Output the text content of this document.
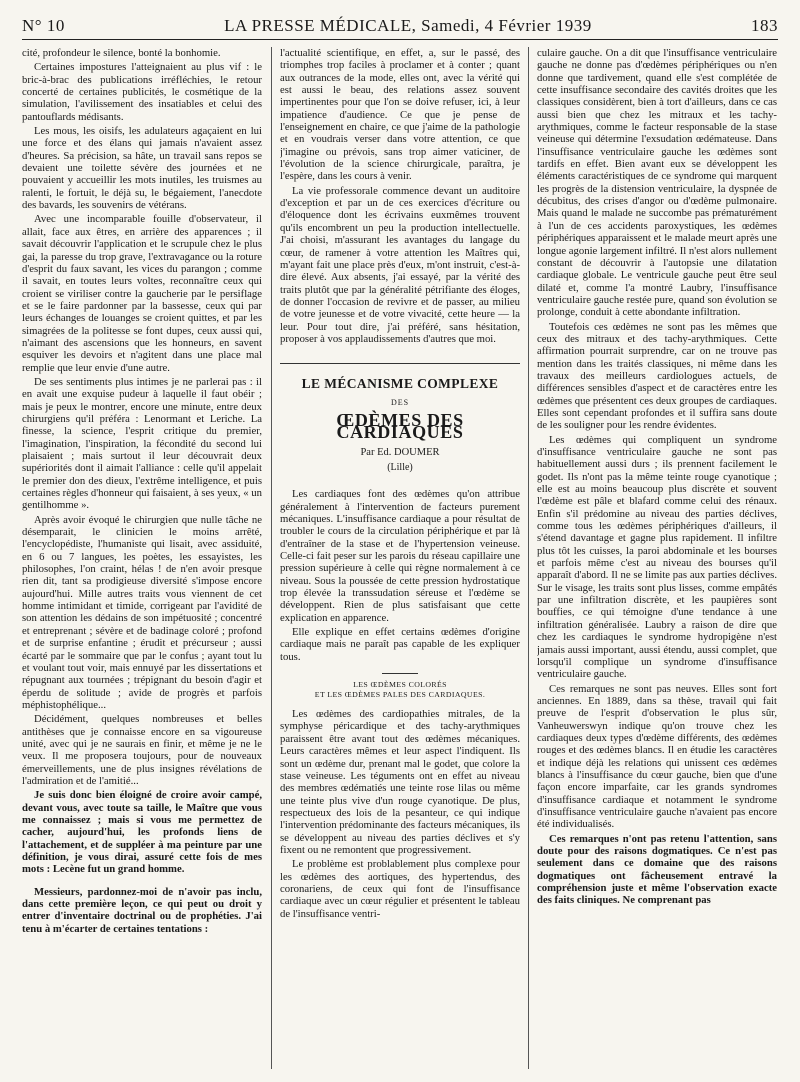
N° 10	LA PRESSE MÉDICALE, Samedi, 4 Février 1939	183

cité, profondeur le silence, bonté la bonhomie.

Certaines impostures l'atteignaient au plus vif : le bric-à-brac des publications irréfléchies, le retour concerté de certaines publicités, le cosmétique de la simulation, l'avilissement des insatiables et celui des pantouflards médisants.

Les mous, les oisifs, les adulateurs agaçaient en lui une force et des élans qui jamais n'avaient assez d'heures. Sa précision, sa hâte, un travail sans repos se devaient une toilette sévère des journées et ne pouvaient y accueillir les mots inutiles, les truismes au ralenti, le fortuit, le déjà su, le bégaiement, l'anecdote des bavards, les souvenirs de vétérans.

Avec une incomparable fouille d'observateur, il allait, face aux êtres, en arrière des apparences ; il savait découvrir l'application et le scrupule chez le plus gai, la paresse du trop grave, l'extravagance ou la roture d'esprit du faux savant, les vices du parangon ; comme il savait, en toutes leurs voltes, reconnaître ceux qui croient se viriliser contre la gaucherie par le persiflage et se le faire pardonner par la bassesse, ceux qui par leurs échanges de louanges se croient quittes, et par les simagrées de la politesse se font dupes, ceux aussi qui, n'aimant des ascensions que les honneurs, en savent esquiver les devoirs et n'agitent dans une place mal remplie que leur envie d'une autre.

De ses sentiments plus intimes je ne parlerai pas : il en avait une exquise pudeur à laquelle il faut obéir ; mais je peux le montrer, encore une minute, entre deux chirurgiens qu'il préféra : Lenormant et Leriche. La finesse, la science, l'esprit critique du premier, l'imagination, l'inspiration, la fécondité du second lui plaisaient ; mais surtout il leur découvrait deux supériorités dont il aimait l'alliance : celle qu'il appelait le premier don des dieux, l'extrême intelligence, et puis certaines règles d'honneur qui faisaient, à ses yeux, « un gentilhomme ».

Après avoir évoqué le chirurgien que nulle tâche ne désemparait, le clinicien le moins arrêté, l'encyclopédiste, l'humaniste qui lisait, avec assiduité, en 6 ou 7 langues, les poètes, les essayistes, les philosophes, l'on craint, hélas ! de n'en avoir presque rien dit, tant sa prodigieuse diversité s'impose encore aujourd'hui. Mille autres traits vous viennent de cet homme intimidant et timide, corrigeant par l'avidité de son attention les dédains de son impétuosité ; concentré et entreprenant ; sévère et de badinage coloré ; profond et de surprise enfantine ; érudit et précurseur ; aussi écarté par le sommaire que par le confus ; ayant tout lu et voulant tout voir, mais ennuyé par les dissertations et répugnant aux tournées ; trépignant du besoin d'agir et éperdu de solitude ; avide de progrès et parfois méphistophélique...

Décidément, quelques nombreuses et belles antithèses que je connaisse encore en sa vigoureuse unité, avec qui je ne saurais en finir, et même je ne le veux. Il me proposera toujours, pour de nouveaux émerveillements, une de plus insignes révélations de l'admiration et de l'amitié...

Je suis donc bien éloigné de croire avoir campé, devant vous, avec toute sa taille, le Maître que vous me connaissez ; mais si vous me permettez de cacher, aujourd'hui, les profonds liens de l'attachement, et de suppléer à ma peinture par une définition, je vous dirai, assuré cette fois de mes mots : Lecène fut un grand homme.

Messieurs, pardonnez-moi de n'avoir pas inclu, dans cette première leçon, ce qui peut ou droit y entrer d'inventaire doctrinal ou de prophéties. J'ai tenu à m'écarter de certaines tentations :

l'actualité scientifique, en effet, a, sur le passé, des triomphes trop faciles à proclamer et à conter ; quant aux outrances de la mode, elles ont, avec la vérité qui est aussi le beau, des relations assez souvent impertinentes pour que l'on se doive refuser, ici, à leur impatience d'audience. Ce que je pense de l'enseignement en chaire, ce que j'aime de la pathologie et en voudrais verser dans votre attention, ce que j'imagine ou prévois, sans trop aimer vaticiner, de l'évolution de la science chirurgicale, paraîtra, je l'espère, dans les cours à venir.

La vie professorale commence devant un auditoire d'exception et par un de ces exercices d'écriture ou d'éloquence dont les écrivains euxmêmes trouvent qu'ils encombrent un peu la production intellectuelle. J'ai choisi, m'assurant les avantages du langage du cœur, de ramener à votre attention les Maîtres qui, m'ayant fait une place près d'eux, m'ont instruit, c'est-à-dire élevé. Aux absents, j'ai essayé, par la vérité des traits plutôt que par la généralité pétrifiante des éloges, de donner l'occasion de revivre et de passer, au milieu de votre jeunesse et de votre vivacité, cette heure — la leur. Pour tout dire, j'ai préféré, sans hésitation, proposer à vos applaudissements d'autres que moi.

LE MÉCANISME COMPLEXE
DES
ŒDÈMES DES CARDIAQUES
Par Ed. DOUMER
(Lille)

Les cardiaques font des œdèmes qu'on attribue généralement à l'intervention de facteurs purement mécaniques. L'insuffisance cardiaque a pour résultat de troubler le cours de la circulation périphérique et par là d'entraîner de la stase et de l'hypertension veineuse. Celle-ci fait peser sur les parois du réseau capillaire une pression supérieure à celle qui règne normalement à ce niveau. Sous la poussée de cette pression hydrostatique trop élevée la transsudation séreuse et l'œdème se développent. Rien de plus satisfaisant que cette explication en apparence.

Elle explique en effet certains œdèmes d'origine cardiaque mais ne paraît pas capable de les expliquer tous.

LES ŒDÈMES COLORÉS
ET LES ŒDÈMES PALES DES CARDIAQUES.

Les œdèmes des cardiopathies mitrales, de la symphyse péricardique et des tachy-arythmiques paraissent être avant tout des œdèmes mécaniques. Leurs caractères mêmes et leur aspect l'indiquent. Ils sont un œdème dur, prenant mal le godet, que colore la stase veineuse. Les téguments ont en effet au niveau des membres œdématiés une teinte rose lilas ou même une teinte plus vive d'un rouge cyanotique. De plus, respectueux des lois de la pesanteur, ce qui indique l'intervention prédominante des facteurs mécaniques, ils se développent au niveau des parties déclives et s'y fixent ou ne remontent que progressivement.

Le problème est problablement plus complexe pour les œdèmes des aortiques, des hypertendus, des coronariens, de ceux qui font de l'insuffisance cardiaque avec un cœur régulier et présentent le tableau de l'insuffisance ventri-

culaire gauche. On a dit que l'insuffisance ventriculaire gauche ne donne pas d'œdèmes périphériques ou n'en donne que tardivement, quand elle s'est complétée de cette insuffisance secondaire des cavités droites que les classiques considèrent, bien à tort d'ailleurs, dans ce cas aussi bien que chez les mitraux et les tachy-arythmiques, comme le facteur responsable de la stase veineuse qui détermine l'exsudation œdémateuse. Dans l'insuffisance ventriculaire gauche les œdèmes sont tardifs en effet. Bien avant eux se développent les éléments caractéristiques de ce syndrome qui marquent les progrès de la distension ventriculaire, la dyspnée de décubitus, des crises d'angor ou d'œdème pulmonaire. Mais quand le malade ne succombe pas prématurément à l'un de ces accidents paroxystiques, les œdèmes périphériques apparaissent et le malade meurt après une longue agonie largement infiltré. Il n'est alors nullement constant de découvrir à l'autopsie une dilatation cardiaque globale. Le ventricule gauche peut être seul dilaté et, comme l'a montré Laubry, l'insuffisance ventriculaire gauche restée pure, quand son évolution se prolonge, conduit à cette abondante infiltration.

Toutefois ces œdèmes ne sont pas les mêmes que ceux des mitraux et des tachy-arythmiques. Cette affirmation pourrait surprendre, car on ne trouve pas mention dans les traités classiques, ni même dans les travaux des meilleurs cardiologues actuels, de différences sensibles d'aspect et de caractères entre les œdèmes que présentent ces deux groupes de cardiaques. Elles sont cependant profondes et il suffira sans doute de les souligner pour les rendre évidentes.

Les œdèmes qui compliquent un syndrome d'insuffisance ventriculaire gauche ne sont pas habituellement aussi durs ; ils prennent facilement le godet. Ils n'ont pas la même teinte rouge cyanotique ; elle est au moins beaucoup plus discrète et souvent l'œdème est pâle et blafard comme celui des rénaux. Enfin s'il prédomine au niveau des parties déclives, comme tous les œdèmes périphériques d'ailleurs, il s'étend davantage et gagne plus rapidement. Il infiltre plus tôt les cuisses, la paroi abdominale et les bourses et parfois même c'est au niveau des bourses qu'il apparaît d'abord. Il ne se limite pas aux parties déclives. Sur le visage, les traits sont plus lisses, comme empâtés par une infiltration discrète, et les paupières sont bouffies, ce qui témoigne d'une tendance à une infiltration généralisée. Laubry a raison de dire que chez les cardiaques le syndrome hydropigène n'est jamais aussi important, aussi étendu, aussi complet, que lorsqu'il complique un syndrome d'insuffisance ventriculaire gauche.

Ces remarques ne sont pas neuves. Elles sont fort anciennes. En 1889, dans sa thèse, travail qui fait preuve de l'esprit d'observation le plus sûr, Vanheuwerswyn indique qu'on trouve chez les cardiaques deux types d'œdème différents, des œdèmes rouges et des œdèmes blancs. Il en étudie les caractères et indique déjà les relations qui unissent ces œdèmes blancs à l'insuffisance du cœur gauche, bien que d'une façon encore imparfaite, car les grands syndromes d'insuffisance cardiaque et notamment le syndrome d'insuffisance ventriculaire gauche n'avaient pas encore été individualisés.

Ces remarques n'ont pas retenu l'attention, sans doute pour des raisons dogmatiques. Ce n'est pas seulement dans ce domaine que des raisons dogmatiques ont fâcheusement entravé la compréhension juste et même l'observation exacte des faits cliniques. Ne comprenant pas
